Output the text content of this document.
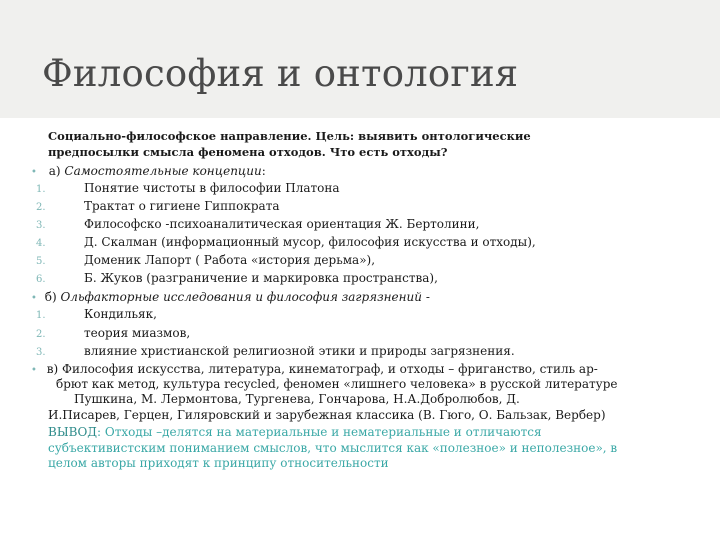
Философия и онтология
Социально-философское направление. Цель: выявить онтологические
предпосылки смысла феномена отходов. Что есть отходы?
• а) Самостоятельные концепции:
1.	Понятие чистоты в философии Платона
2.	Трактат о гигиене Гиппократа
3.	Философско -психоаналитическая ориентация Ж. Бертолини,
4.	Д. Скалман (информационный мусор, философия искусства и отходы),
5.	Доменик Лапорт ( Работа «история дерьма»),
6.	Б. Жуков (разграничение и маркировка пространства),
• б) Ольфакторные исследования и философия загрязнений -
1.	Кондильяк,
2.	теория миазмов,
3.	влияние христианской религиозной этики и природы загрязнения.
• в) Философия искусства, литература, кинематограф, и отходы – фриганство, стиль ар-
брют как метод, культура recycled, феномен «лишнего человека» в русской литературе
Пушкина, М. Лермонтова, Тургенева, Гончарова, Н.А.Добролюбов, Д.
И.Писарев, Герцен, Гиляровский и зарубежная классика (В. Гюго, О. Бальзак, Вербер)
ВЫВОД: Отходы –делятся на материальные и нематериальные и отличаются
субъективистским пониманием смыслов, что мыслится как «полезное» и неполезное», в
целом авторы приходят к принципу относительности
